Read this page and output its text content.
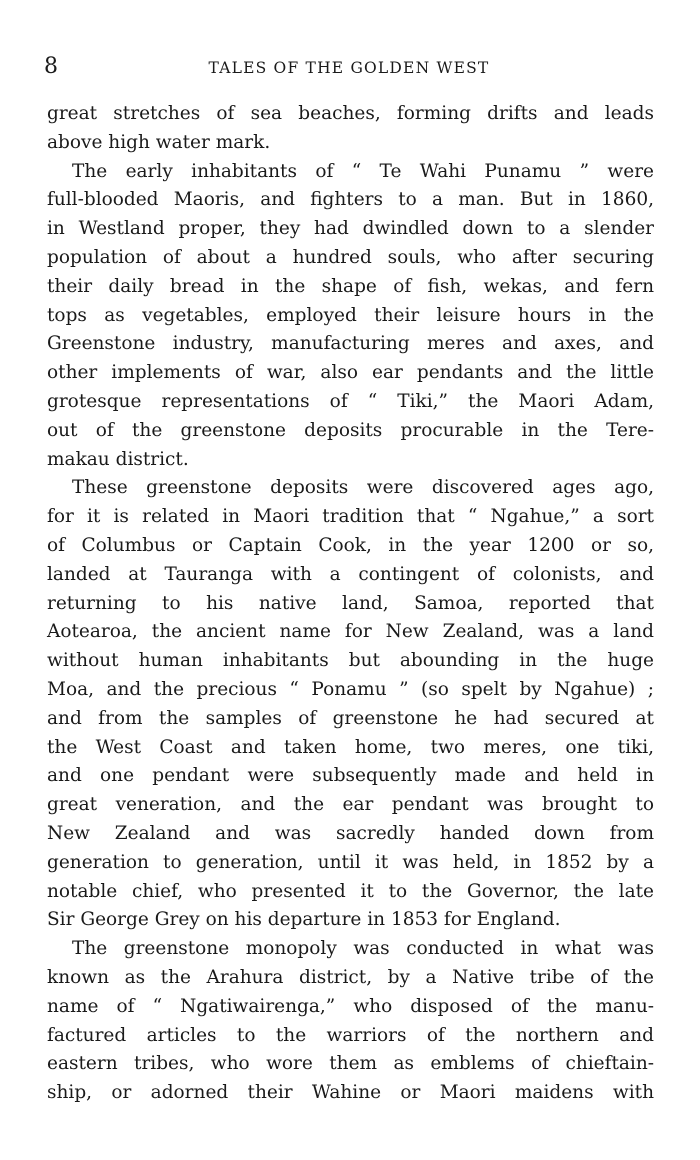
8	TALES OF THE GOLDEN WEST
great stretches of sea beaches, forming drifts and leads
above high water mark.
The early inhabitants of “ Te Wahi Punamu ” were
full-blooded Maoris, and fighters to a man. But in 1860,
in Westland proper, they had dwindled down to a slender
population of about a hundred souls, who after securing
their daily bread in the shape of fish, wekas, and fern
tops as vegetables, employed their leisure hours in the
Greenstone industry, manufacturing meres and axes, and
other implements of war, also ear pendants and the little
grotesque representations of “ Tiki,” the Maori Adam,
out of the greenstone deposits procurable in the Tere-
makau district.
These greenstone deposits were discovered ages ago,
for it is related in Maori tradition that “ Ngahue,” a sort
of Columbus or Captain Cook, in the year 1200 or so,
landed at Tauranga with a contingent of colonists, and
returning to his native land, Samoa, reported that
Aotearoa, the ancient name for New Zealand, was a land
without human inhabitants but abounding in the huge
Moa, and the precious “ Ponamu ” (so spelt by Ngahue) ;
and from the samples of greenstone he had secured at
the West Coast and taken home, two meres, one tiki,
and one pendant were subsequently made and held in
great veneration, and the ear pendant was brought to
New Zealand and was sacredly handed down from
generation to generation, until it was held, in 1852 by a
notable chief, who presented it to the Governor, the late
Sir George Grey on his departure in 1853 for England.
The greenstone monopoly was conducted in what was
known as the Arahura district, by a Native tribe of the
name of “ Ngatiwairenga,” who disposed of the manu-
factured articles to the warriors of the northern and
eastern tribes, who wore them as emblems of chieftain-
ship, or adorned their Wahine or Maori maidens with
